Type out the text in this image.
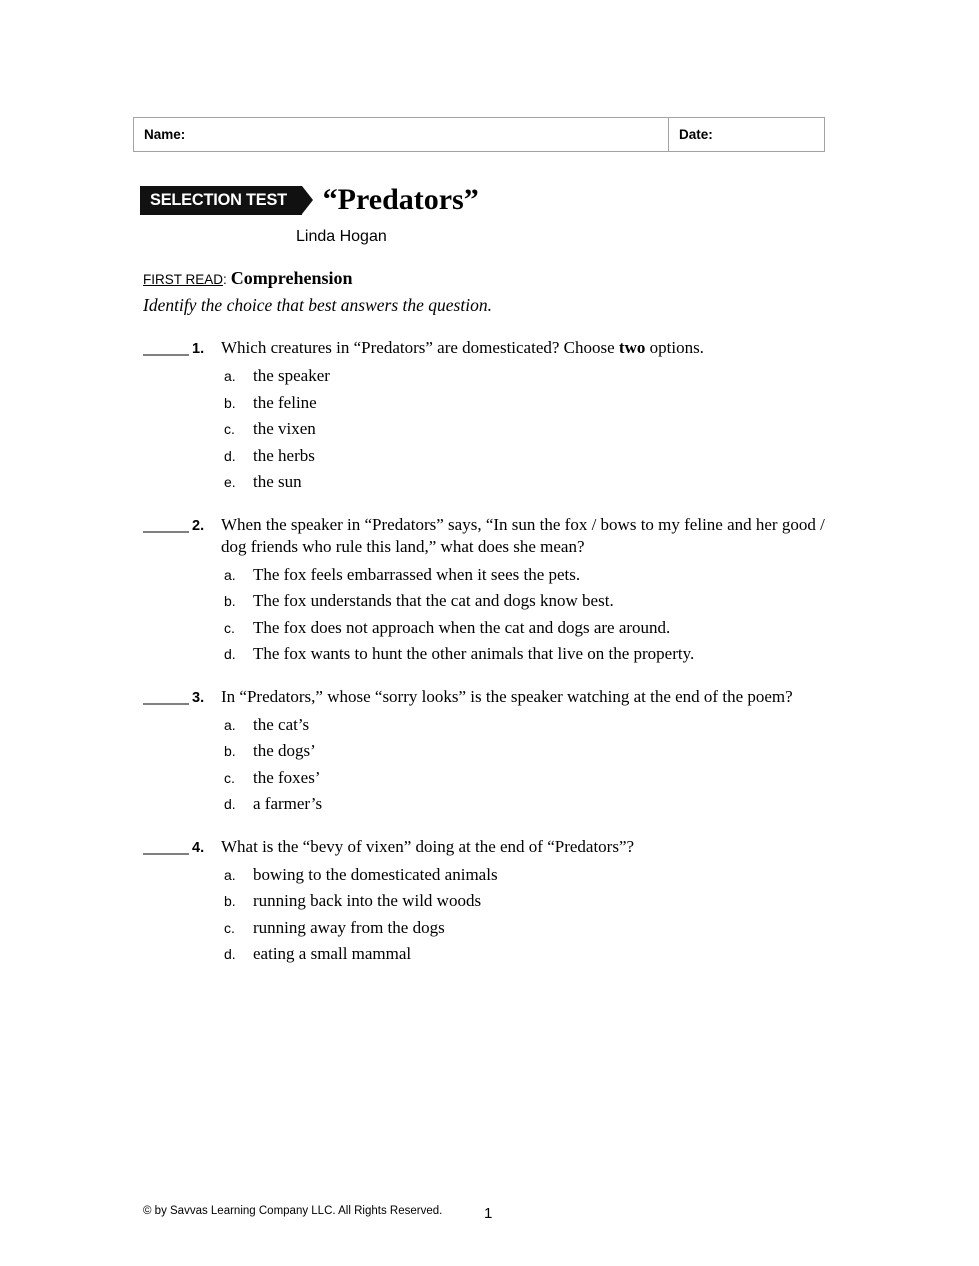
Name:	Date:
SELECTION TEST “Predators”
Linda Hogan
FIRST READ: Comprehension
Identify the choice that best answers the question.
1. Which creatures in “Predators” are domesticated? Choose two options.
a.	the speaker
b.	the feline
c.	the vixen
d.	the herbs
e.	the sun
2. When the speaker in “Predators” says, “In sun the fox / bows to my feline and her good / dog friends who rule this land,” what does she mean?
a.	The fox feels embarrassed when it sees the pets.
b.	The fox understands that the cat and dogs know best.
c.	The fox does not approach when the cat and dogs are around.
d.	The fox wants to hunt the other animals that live on the property.
3. In “Predators,” whose “sorry looks” is the speaker watching at the end of the poem?
a.	the cat’s
b.	the dogs’
c.	the foxes’
d.	a farmer’s
4. What is the “bevy of vixen” doing at the end of “Predators”?
a.	bowing to the domesticated animals
b.	running back into the wild woods
c.	running away from the dogs
d.	eating a small mammal
© by Savvas Learning Company LLC. All Rights Reserved.	1
